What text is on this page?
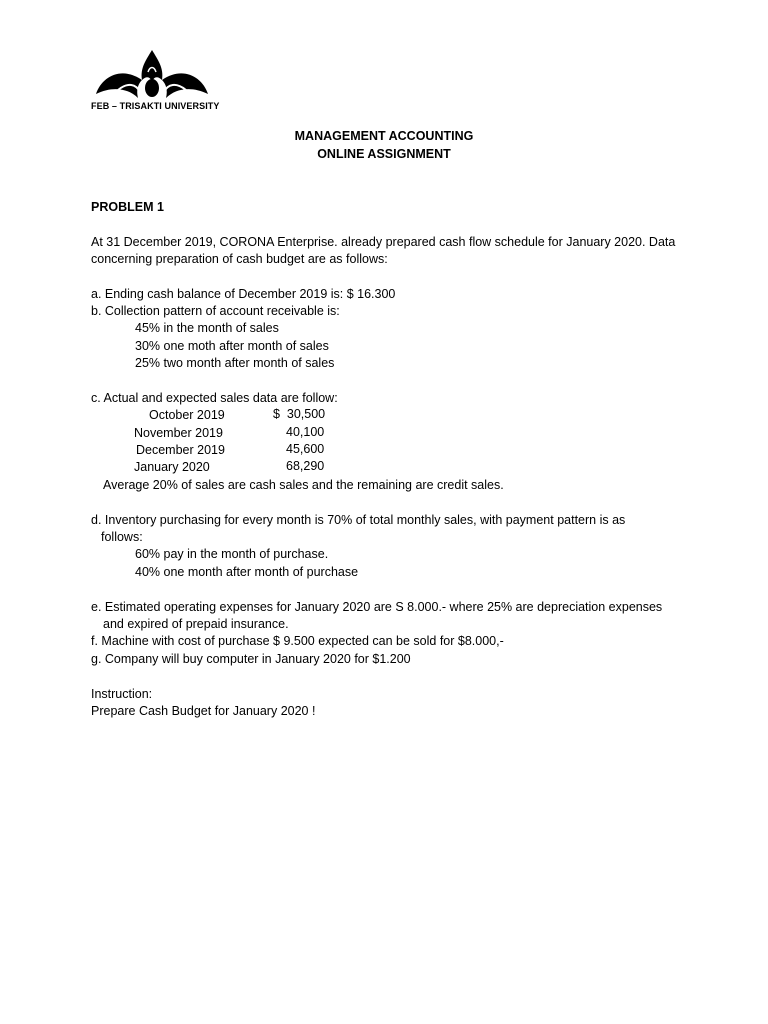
FEB – TRISAKTI UNIVERSITY
MANAGEMENT ACCOUNTING
ONLINE ASSIGNMENT
PROBLEM 1
At 31 December 2019, CORONA Enterprise. already prepared cash flow schedule for January 2020. Data
concerning preparation of cash budget are as follows:
a. Ending cash balance of December 2019 is: $ 16.300
b. Collection pattern of account receivable is:
45% in the month of sales
30% one moth after month of sales
25% two month after month of sales
c. Actual and expected sales data are follow:
October 2019	$  30,500
November 2019	40,100
December 2019	45,600
January 2020	68,290
Average 20% of sales are cash sales and the remaining are credit sales.
d. Inventory purchasing for every month is 70% of total monthly sales, with payment pattern is as
follows:
60% pay in the month of purchase.
40% one month after month of purchase
e. Estimated operating expenses for January 2020 are S 8.000.- where 25% are depreciation expenses
and expired of prepaid insurance.
f. Machine with cost of purchase $ 9.500 expected can be sold for $8.000,-
g. Company will buy computer in January 2020 for $1.200
Instruction:
Prepare Cash Budget for January 2020 !
